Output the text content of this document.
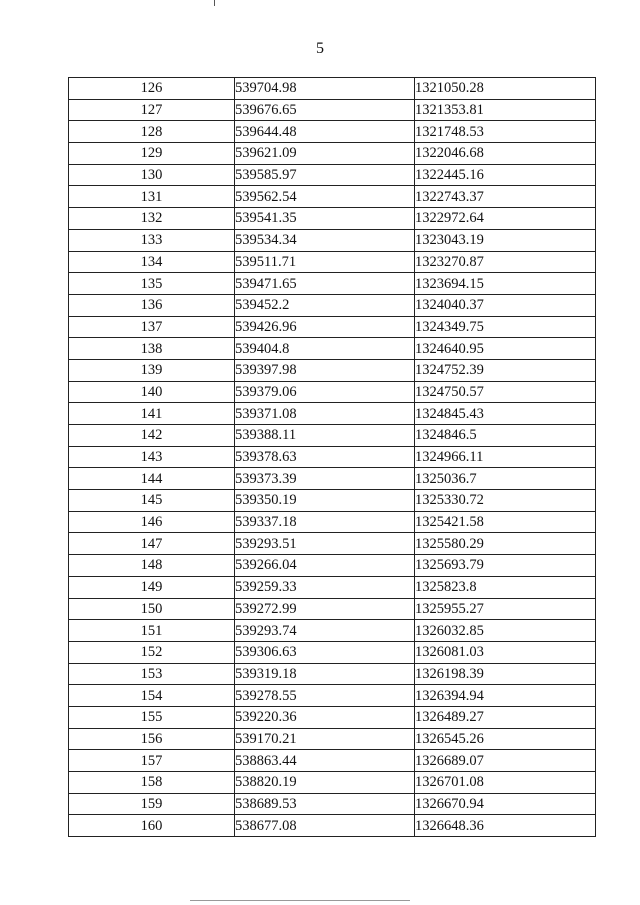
5
126	539704.98	1321050.28
127	539676.65	1321353.81
128	539644.48	1321748.53
129	539621.09	1322046.68
130	539585.97	1322445.16
131	539562.54	1322743.37
132	539541.35	1322972.64
133	539534.34	1323043.19
134	539511.71	1323270.87
135	539471.65	1323694.15
136	539452.2	1324040.37
137	539426.96	1324349.75
138	539404.8	1324640.95
139	539397.98	1324752.39
140	539379.06	1324750.57
141	539371.08	1324845.43
142	539388.11	1324846.5
143	539378.63	1324966.11
144	539373.39	1325036.7
145	539350.19	1325330.72
146	539337.18	1325421.58
147	539293.51	1325580.29
148	539266.04	1325693.79
149	539259.33	1325823.8
150	539272.99	1325955.27
151	539293.74	1326032.85
152	539306.63	1326081.03
153	539319.18	1326198.39
154	539278.55	1326394.94
155	539220.36	1326489.27
156	539170.21	1326545.26
157	538863.44	1326689.07
158	538820.19	1326701.08
159	538689.53	1326670.94
160	538677.08	1326648.36
